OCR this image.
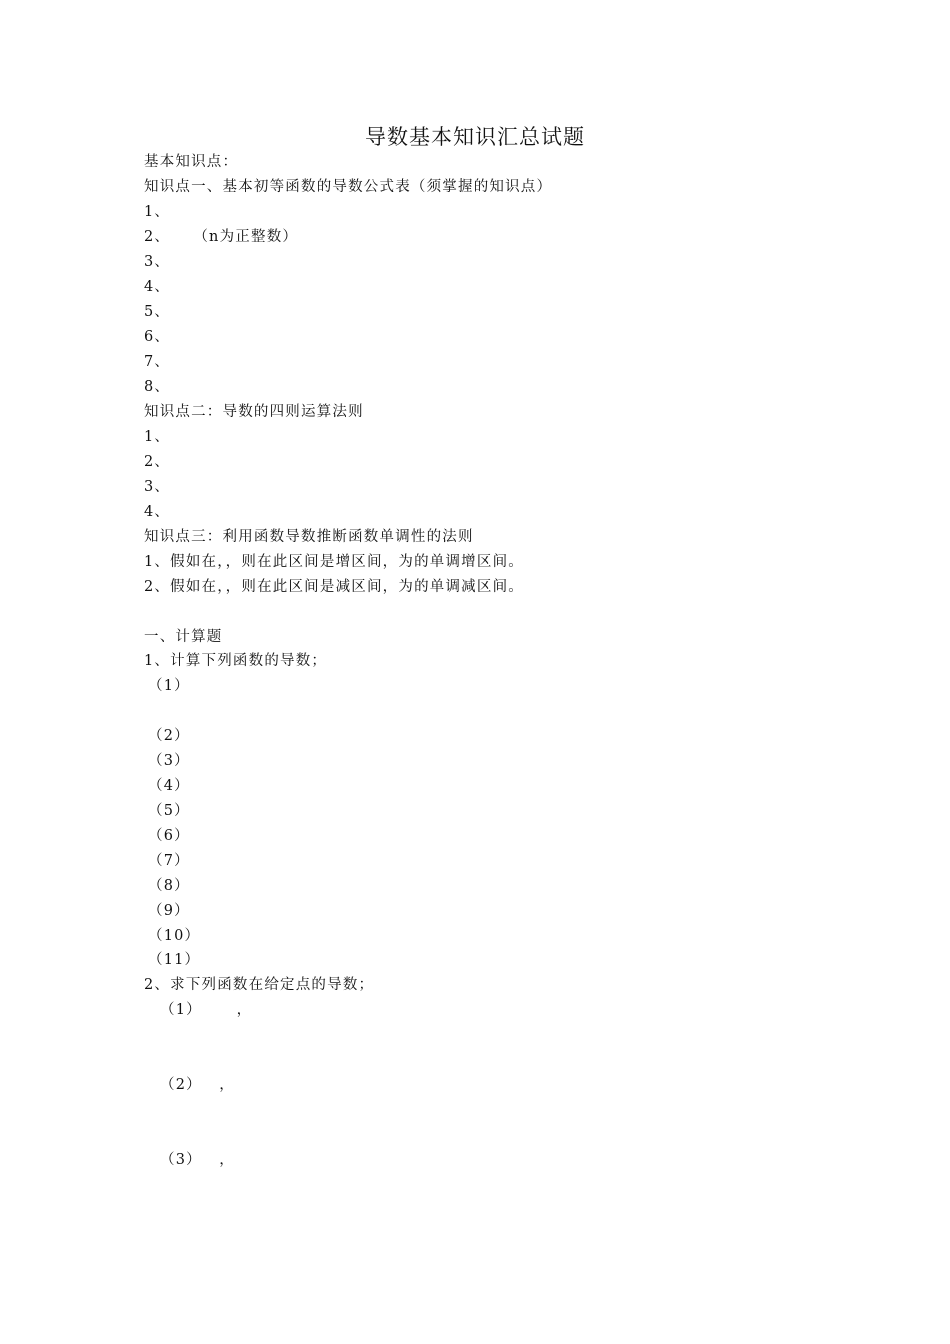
导数基本知识汇总试题
基本知识点：
知识点一、基本初等函数的导数公式表（须掌握的知识点）
1、
2、    （n为正整数）
3、
4、
5、
6、
7、
8、
知识点二：导数的四则运算法则
1、
2、
3、
4、
知识点三：利用函数导数推断函数单调性的法则
1、假如在，，则在此区间是增区间，为的单调增区间。
2、假如在，，则在此区间是减区间，为的单调减区间。
一、计算题
1、计算下列函数的导数；
（1）
（2）
（3）
（4）
（5）
（6）
（7）
（8）
（9）
（10）
（11）
2、求下列函数在给定点的导数；
（1）      ，
（2）   ，
（3）   ，
